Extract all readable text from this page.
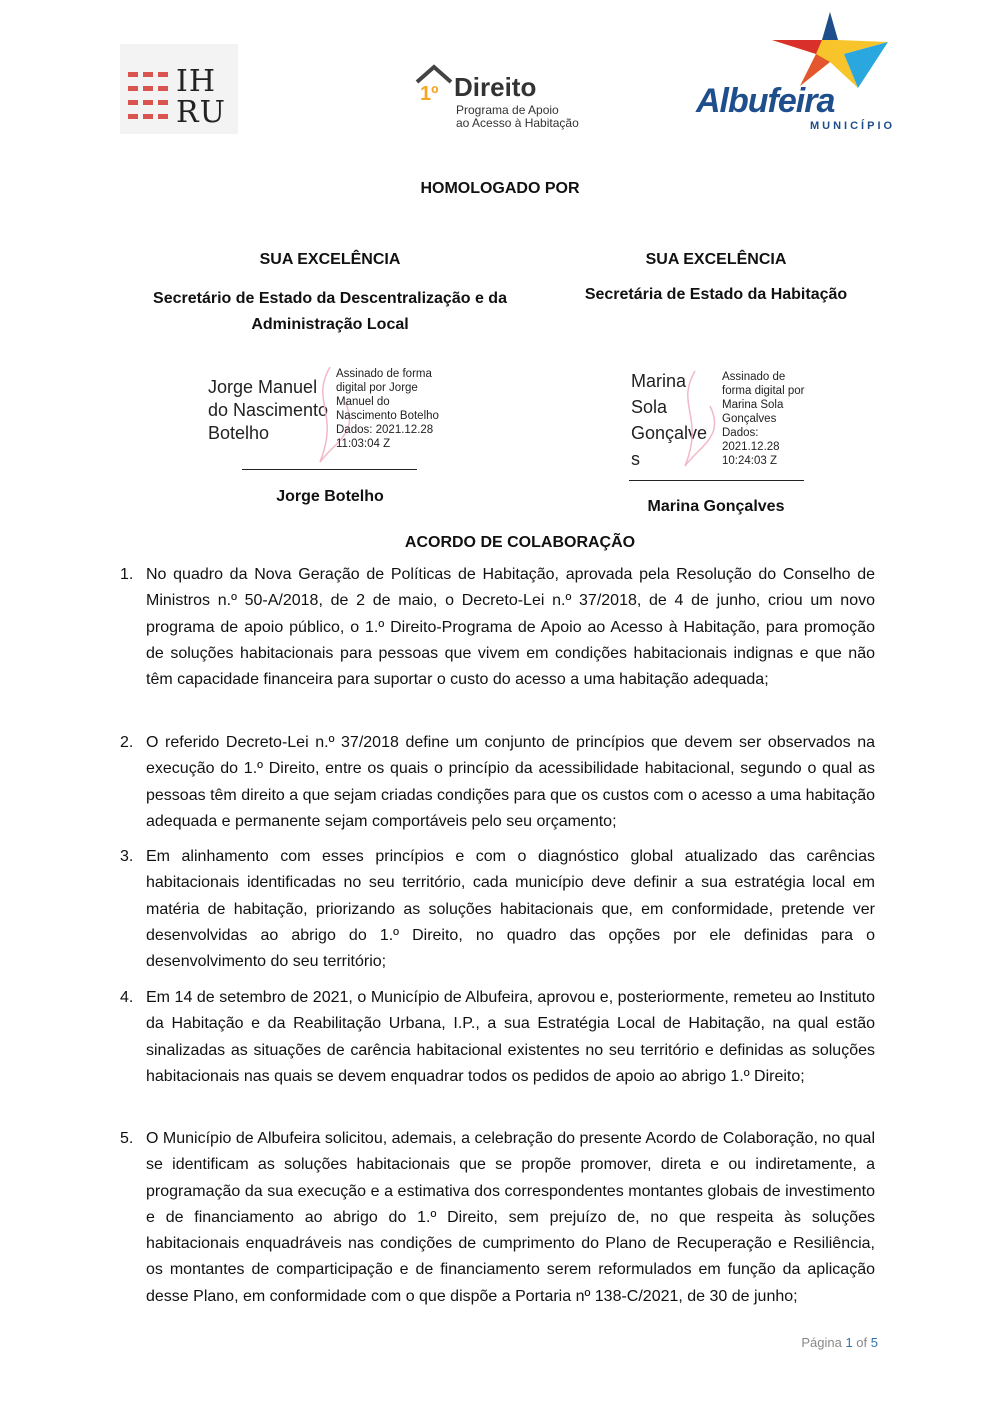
IH
RU
1º Direito
Programa de Apoio
ao Acesso à Habitação
Albufeira
MUNICÍPIO
HOMOLOGADO POR
SUA EXCELÊNCIA
Secretário de Estado da Descentralização e da
Administração Local
SUA EXCELÊNCIA
Secretária de Estado da Habitação
Jorge Manuel
do Nascimento
Botelho
Assinado de forma
digital por Jorge
Manuel do
Nascimento Botelho
Dados: 2021.12.28
11:03:04 Z
Jorge Botelho
Marina
Sola
Gonçalve
s
Assinado de
forma digital por
Marina Sola
Gonçalves
Dados:
2021.12.28
10:24:03 Z
Marina Gonçalves
ACORDO DE COLABORAÇÃO
1. No quadro da Nova Geração de Políticas de Habitação, aprovada pela Resolução do Conselho de Ministros n.º 50-A/2018, de 2 de maio, o Decreto-Lei n.º 37/2018, de 4 de junho, criou um novo programa de apoio público, o 1.º Direito-Programa de Apoio ao Acesso à Habitação, para promoção de soluções habitacionais para pessoas que vivem em condições habitacionais indignas e que não têm capacidade financeira para suportar o custo do acesso a uma habitação adequada;
2. O referido Decreto-Lei n.º 37/2018 define um conjunto de princípios que devem ser observados na execução do 1.º Direito, entre os quais o princípio da acessibilidade habitacional, segundo o qual as pessoas têm direito a que sejam criadas condições para que os custos com o acesso a uma habitação adequada e permanente sejam comportáveis pelo seu orçamento;
3. Em alinhamento com esses princípios e com o diagnóstico global atualizado das carências habitacionais identificadas no seu território, cada município deve definir a sua estratégia local em matéria de habitação, priorizando as soluções habitacionais que, em conformidade, pretende ver desenvolvidas ao abrigo do 1.º Direito, no quadro das opções por ele definidas para o desenvolvimento do seu território;
4. Em 14 de setembro de 2021, o Município de Albufeira, aprovou e, posteriormente, remeteu ao Instituto da Habitação e da Reabilitação Urbana, I.P., a sua Estratégia Local de Habitação, na qual estão sinalizadas as situações de carência habitacional existentes no seu território e definidas as soluções habitacionais nas quais se devem enquadrar todos os pedidos de apoio ao abrigo 1.º Direito;
5. O Município de Albufeira solicitou, ademais, a celebração do presente Acordo de Colaboração, no qual se identificam as soluções habitacionais que se propõe promover, direta e ou indiretamente, a programação da sua execução e a estimativa dos correspondentes montantes globais de investimento e de financiamento ao abrigo do 1.º Direito, sem prejuízo de, no que respeita às soluções habitacionais enquadráveis nas condições de cumprimento do Plano de Recuperação e Resiliência, os montantes de comparticipação e de financiamento serem reformulados em função da aplicação desse Plano, em conformidade com o que dispõe a Portaria nº 138-C/2021, de 30 de junho;
Página 1 of 5
